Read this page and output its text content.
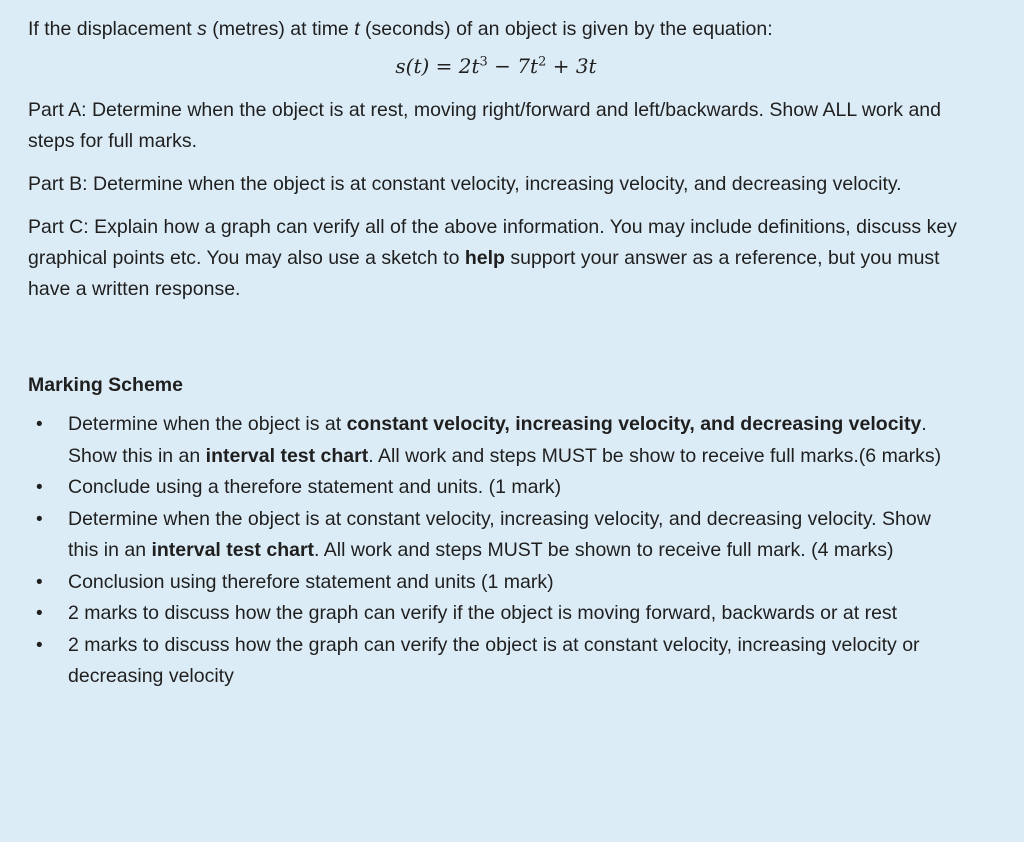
If the displacement s (metres) at time t (seconds) of an object is given by the equation:

$s(t) = 2t^3 - 7t^2 + 3t$

Part A: Determine when the object is at rest, moving right/forward and left/backwards. Show ALL work and steps for full marks.

Part B: Determine when the object is at constant velocity, increasing velocity, and decreasing velocity.

Part C: Explain how a graph can verify all of the above information. You may include definitions, discuss key graphical points etc. You may also use a sketch to help support your answer as a reference, but you must have a written response.

Marking Scheme

• Determine when the object is at constant velocity, increasing velocity, and decreasing velocity. Show this in an interval test chart. All work and steps MUST be show to receive full marks.(6 marks)
• Conclude using a therefore statement and units. (1 mark)
• Determine when the object is at constant velocity, increasing velocity, and decreasing velocity. Show this in an interval test chart. All work and steps MUST be shown to receive full mark. (4 marks)
• Conclusion using therefore statement and units (1 mark)
• 2 marks to discuss how the graph can verify if the object is moving forward, backwards or at rest
• 2 marks to discuss how the graph can verify the object is at constant velocity, increasing velocity or decreasing velocity
